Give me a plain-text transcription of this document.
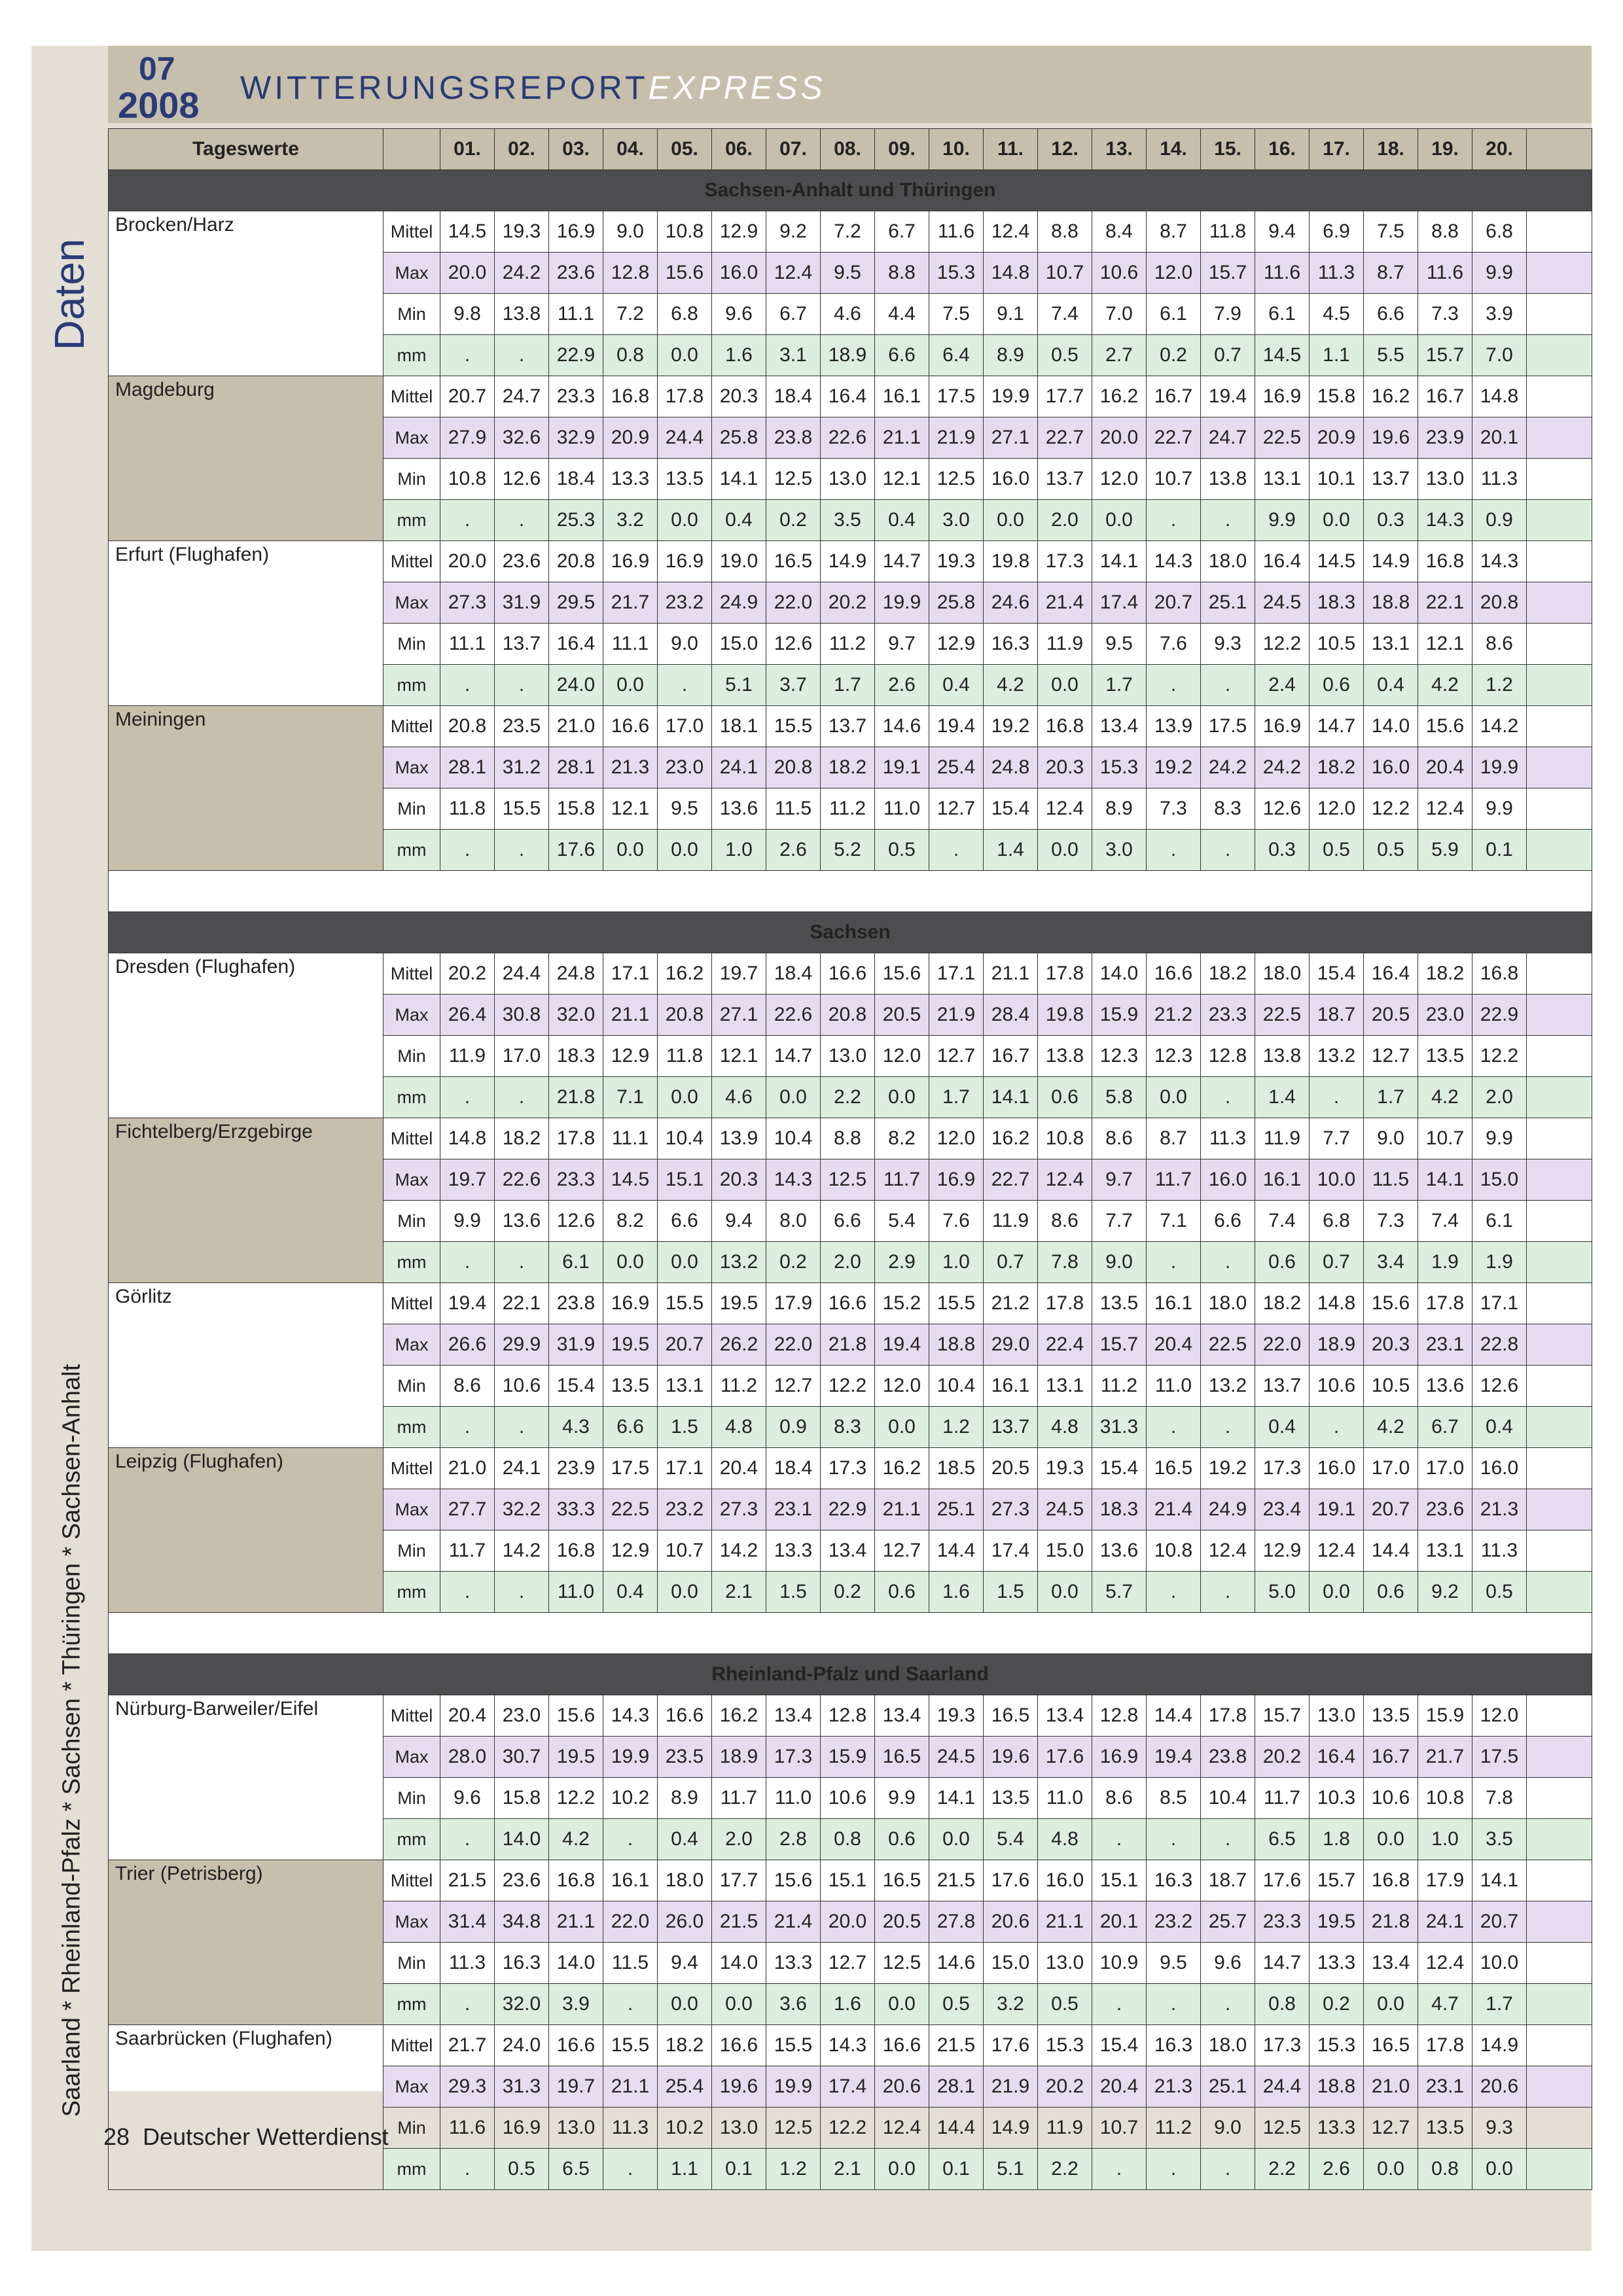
07
2008 WITTERUNGSREPORTEXPRESS
Daten
Saarland * Rheinland-Pfalz * Sachsen * Thüringen * Sachsen-Anhalt
Tageswerte		01.	02.	03.	04.	05.	06.	07.	08.	09.	10.	11.	12.	13.	14.	15.	16.	17.	18.	19.	20.	
Sachsen-Anhalt und Thüringen																						
Brocken/Harz	Mittel	14.5	19.3	16.9	9.0	10.8	12.9	9.2	7.2	6.7	11.6	12.4	8.8	8.4	8.7	11.8	9.4	6.9	7.5	8.8	6.8	
	Max	20.0	24.2	23.6	12.8	15.6	16.0	12.4	9.5	8.8	15.3	14.8	10.7	10.6	12.0	15.7	11.6	11.3	8.7	11.6	9.9	
	Min	9.8	13.8	11.1	7.2	6.8	9.6	6.7	4.6	4.4	7.5	9.1	7.4	7.0	6.1	7.9	6.1	4.5	6.6	7.3	3.9	
	mm	.	.	22.9	0.8	0.0	1.6	3.1	18.9	6.6	6.4	8.9	0.5	2.7	0.2	0.7	14.5	1.1	5.5	15.7	7.0	
Magdeburg	Mittel	20.7	24.7	23.3	16.8	17.8	20.3	18.4	16.4	16.1	17.5	19.9	17.7	16.2	16.7	19.4	16.9	15.8	16.2	16.7	14.8	
	Max	27.9	32.6	32.9	20.9	24.4	25.8	23.8	22.6	21.1	21.9	27.1	22.7	20.0	22.7	24.7	22.5	20.9	19.6	23.9	20.1	
	Min	10.8	12.6	18.4	13.3	13.5	14.1	12.5	13.0	12.1	12.5	16.0	13.7	12.0	10.7	13.8	13.1	10.1	13.7	13.0	11.3	
	mm	.	.	25.3	3.2	0.0	0.4	0.2	3.5	0.4	3.0	0.0	2.0	0.0	.	.	9.9	0.0	0.3	14.3	0.9	
Erfurt (Flughafen)	Mittel	20.0	23.6	20.8	16.9	16.9	19.0	16.5	14.9	14.7	19.3	19.8	17.3	14.1	14.3	18.0	16.4	14.5	14.9	16.8	14.3	
	Max	27.3	31.9	29.5	21.7	23.2	24.9	22.0	20.2	19.9	25.8	24.6	21.4	17.4	20.7	25.1	24.5	18.3	18.8	22.1	20.8	
	Min	11.1	13.7	16.4	11.1	9.0	15.0	12.6	11.2	9.7	12.9	16.3	11.9	9.5	7.6	9.3	12.2	10.5	13.1	12.1	8.6	
	mm	.	.	24.0	0.0	.	5.1	3.7	1.7	2.6	0.4	4.2	0.0	1.7	.	.	2.4	0.6	0.4	4.2	1.2	
Meiningen	Mittel	20.8	23.5	21.0	16.6	17.0	18.1	15.5	13.7	14.6	19.4	19.2	16.8	13.4	13.9	17.5	16.9	14.7	14.0	15.6	14.2	
	Max	28.1	31.2	28.1	21.3	23.0	24.1	20.8	18.2	19.1	25.4	24.8	20.3	15.3	19.2	24.2	24.2	18.2	16.0	20.4	19.9	
	Min	11.8	15.5	15.8	12.1	9.5	13.6	11.5	11.2	11.0	12.7	15.4	12.4	8.9	7.3	8.3	12.6	12.0	12.2	12.4	9.9	
	mm	.	.	17.6	0.0	0.0	1.0	2.6	5.2	0.5	.	1.4	0.0	3.0	.	.	0.3	0.5	0.5	5.9	0.1	

Sachsen																						
Dresden (Flughafen)	Mittel	20.2	24.4	24.8	17.1	16.2	19.7	18.4	16.6	15.6	17.1	21.1	17.8	14.0	16.6	18.2	18.0	15.4	16.4	18.2	16.8	
	Max	26.4	30.8	32.0	21.1	20.8	27.1	22.6	20.8	20.5	21.9	28.4	19.8	15.9	21.2	23.3	22.5	18.7	20.5	23.0	22.9	
	Min	11.9	17.0	18.3	12.9	11.8	12.1	14.7	13.0	12.0	12.7	16.7	13.8	12.3	12.3	12.8	13.8	13.2	12.7	13.5	12.2	
	mm	.	.	21.8	7.1	0.0	4.6	0.0	2.2	0.0	1.7	14.1	0.6	5.8	0.0	.	1.4	.	1.7	4.2	2.0	
Fichtelberg/Erzgebirge	Mittel	14.8	18.2	17.8	11.1	10.4	13.9	10.4	8.8	8.2	12.0	16.2	10.8	8.6	8.7	11.3	11.9	7.7	9.0	10.7	9.9	
	Max	19.7	22.6	23.3	14.5	15.1	20.3	14.3	12.5	11.7	16.9	22.7	12.4	9.7	11.7	16.0	16.1	10.0	11.5	14.1	15.0	
	Min	9.9	13.6	12.6	8.2	6.6	9.4	8.0	6.6	5.4	7.6	11.9	8.6	7.7	7.1	6.6	7.4	6.8	7.3	7.4	6.1	
	mm	.	.	6.1	0.0	0.0	13.2	0.2	2.0	2.9	1.0	0.7	7.8	9.0	.	.	0.6	0.7	3.4	1.9	1.9	
Görlitz	Mittel	19.4	22.1	23.8	16.9	15.5	19.5	17.9	16.6	15.2	15.5	21.2	17.8	13.5	16.1	18.0	18.2	14.8	15.6	17.8	17.1	
	Max	26.6	29.9	31.9	19.5	20.7	26.2	22.0	21.8	19.4	18.8	29.0	22.4	15.7	20.4	22.5	22.0	18.9	20.3	23.1	22.8	
	Min	8.6	10.6	15.4	13.5	13.1	11.2	12.7	12.2	12.0	10.4	16.1	13.1	11.2	11.0	13.2	13.7	10.6	10.5	13.6	12.6	
	mm	.	.	4.3	6.6	1.5	4.8	0.9	8.3	0.0	1.2	13.7	4.8	31.3	.	.	0.4	.	4.2	6.7	0.4	
Leipzig (Flughafen)	Mittel	21.0	24.1	23.9	17.5	17.1	20.4	18.4	17.3	16.2	18.5	20.5	19.3	15.4	16.5	19.2	17.3	16.0	17.0	17.0	16.0	
	Max	27.7	32.2	33.3	22.5	23.2	27.3	23.1	22.9	21.1	25.1	27.3	24.5	18.3	21.4	24.9	23.4	19.1	20.7	23.6	21.3	
	Min	11.7	14.2	16.8	12.9	10.7	14.2	13.3	13.4	12.7	14.4	17.4	15.0	13.6	10.8	12.4	12.9	12.4	14.4	13.1	11.3	
	mm	.	.	11.0	0.4	0.0	2.1	1.5	0.2	0.6	1.6	1.5	0.0	5.7	.	.	5.0	0.0	0.6	9.2	0.5	

Rheinland-Pfalz und Saarland																						
Nürburg-Barweiler/Eifel	Mittel	20.4	23.0	15.6	14.3	16.6	16.2	13.4	12.8	13.4	19.3	16.5	13.4	12.8	14.4	17.8	15.7	13.0	13.5	15.9	12.0	
	Max	28.0	30.7	19.5	19.9	23.5	18.9	17.3	15.9	16.5	24.5	19.6	17.6	16.9	19.4	23.8	20.2	16.4	16.7	21.7	17.5	
	Min	9.6	15.8	12.2	10.2	8.9	11.7	11.0	10.6	9.9	14.1	13.5	11.0	8.6	8.5	10.4	11.7	10.3	10.6	10.8	7.8	
	mm	.	14.0	4.2	.	0.4	2.0	2.8	0.8	0.6	0.0	5.4	4.8	.	.	.	6.5	1.8	0.0	1.0	3.5	
Trier (Petrisberg)	Mittel	21.5	23.6	16.8	16.1	18.0	17.7	15.6	15.1	16.5	21.5	17.6	16.0	15.1	16.3	18.7	17.6	15.7	16.8	17.9	14.1	
	Max	31.4	34.8	21.1	22.0	26.0	21.5	21.4	20.0	20.5	27.8	20.6	21.1	20.1	23.2	25.7	23.3	19.5	21.8	24.1	20.7	
	Min	11.3	16.3	14.0	11.5	9.4	14.0	13.3	12.7	12.5	14.6	15.0	13.0	10.9	9.5	9.6	14.7	13.3	13.4	12.4	10.0	
	mm	.	32.0	3.9	.	0.0	0.0	3.6	1.6	0.0	0.5	3.2	0.5	.	.	.	0.8	0.2	0.0	4.7	1.7	
Saarbrücken (Flughafen)	Mittel	21.7	24.0	16.6	15.5	18.2	16.6	15.5	14.3	16.6	21.5	17.6	15.3	15.4	16.3	18.0	17.3	15.3	16.5	17.8	14.9	
	Max	29.3	31.3	19.7	21.1	25.4	19.6	19.9	17.4	20.6	28.1	21.9	20.2	20.4	21.3	25.1	24.4	18.8	21.0	23.1	20.6	
	Min	11.6	16.9	13.0	11.3	10.2	13.0	12.5	12.2	12.4	14.4	14.9	11.9	10.7	11.2	9.0	12.5	13.3	12.7	13.5	9.3	
	mm	.	0.5	6.5	.	1.1	0.1	1.2	2.1	0.0	0.1	5.1	2.2	.	.	.	2.2	2.6	0.0	0.8	0.0	
28 Deutscher Wetterdienst
